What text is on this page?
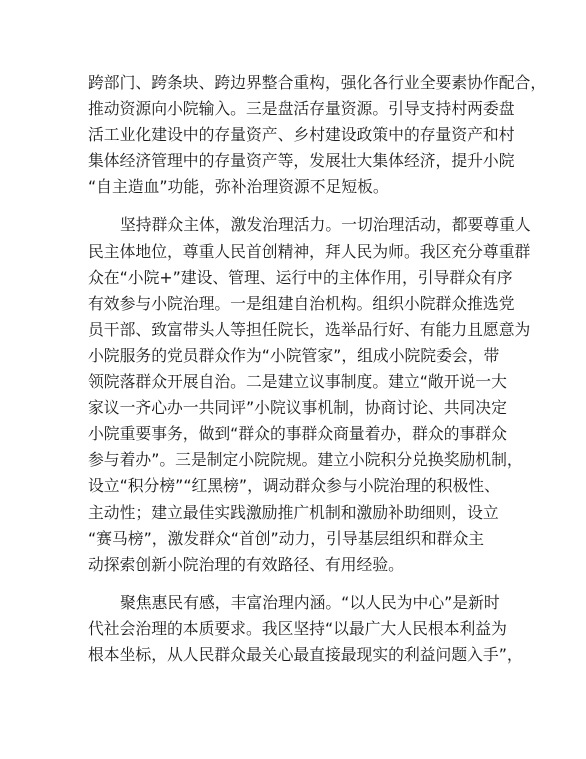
跨部门、跨条块、跨边界整合重构，强化各行业全要素协作配合，
推动资源向小院输入。三是盘活存量资源。引导支持村两委盘
活工业化建设中的存量资产、乡村建设政策中的存量资产和村
集体经济管理中的存量资产等，发展壮大集体经济，提升小院
“自主造血”功能，弥补治理资源不足短板。
坚持群众主体，激发治理活力。一切治理活动，都要尊重人
民主体地位，尊重人民首创精神，拜人民为师。我区充分尊重群
众在“小院+”建设、管理、运行中的主体作用，引导群众有序
有效参与小院治理。一是组建自治机构。组织小院群众推选党
员干部、致富带头人等担任院长，选举品行好、有能力且愿意为
小院服务的党员群众作为“小院管家”，组成小院院委会，带
领院落群众开展自治。二是建立议事制度。建立“敞开说一大
家议一齐心办一共同评”小院议事机制，协商讨论、共同决定
小院重要事务，做到“群众的事群众商量着办，群众的事群众
参与着办”。三是制定小院院规。建立小院积分兑换奖励机制，
设立“积分榜”“红黑榜”，调动群众参与小院治理的积极性、
主动性；建立最佳实践激励推广机制和激励补助细则，设立
“赛马榜”，激发群众“首创”动力，引导基层组织和群众主
动探索创新小院治理的有效路径、有用经验。
聚焦惠民有感，丰富治理内涵。“以人民为中心”是新时
代社会治理的本质要求。我区坚持“以最广大人民根本利益为
根本坐标，从人民群众最关心最直接最现实的利益问题入手”，
